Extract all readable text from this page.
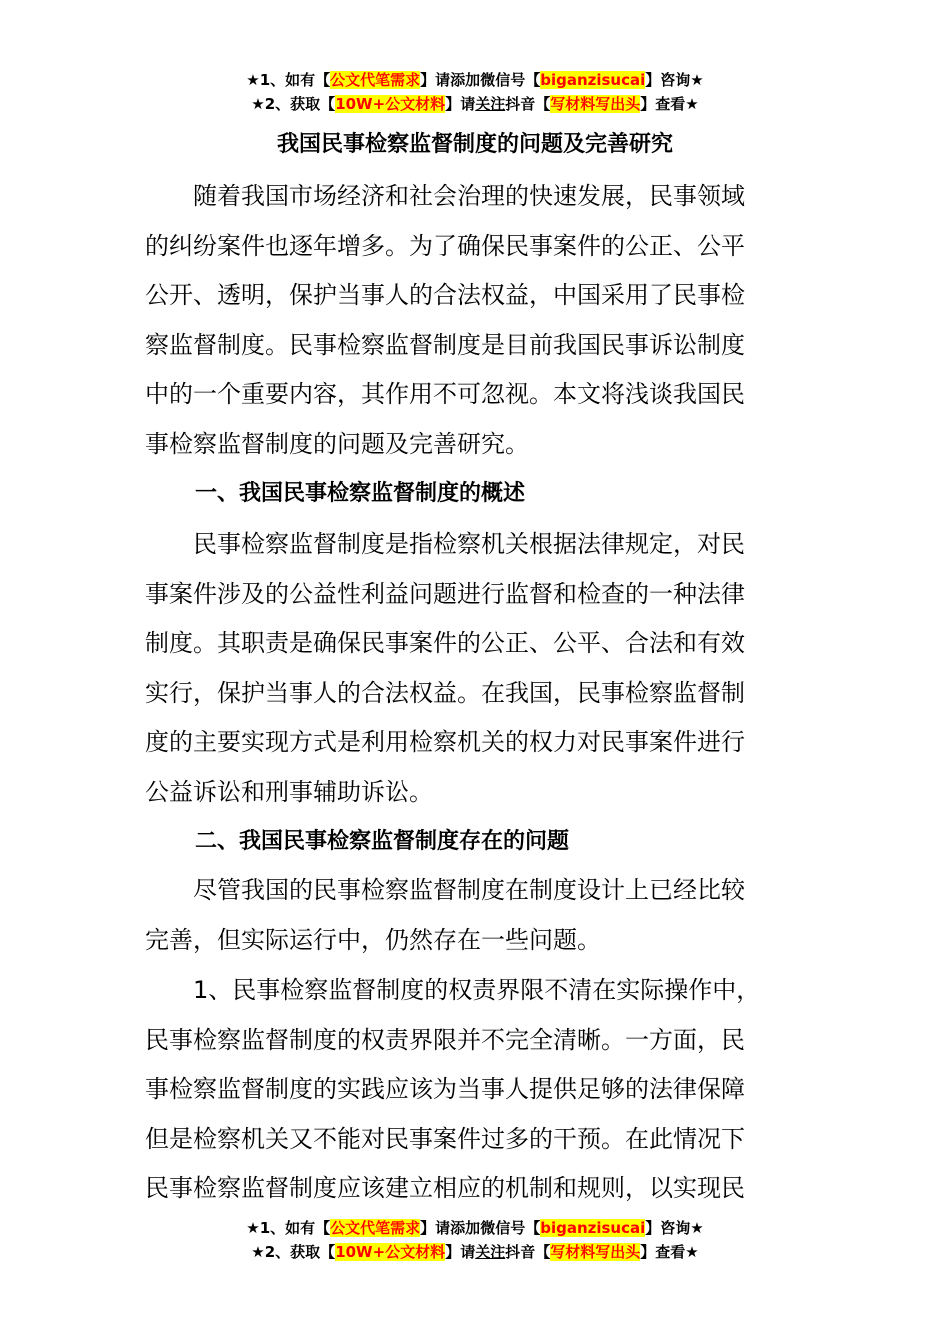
★1、如有【公文代笔需求】请添加微信号【biganzisucai】咨询★
★2、获取【10W+公文材料】请关注抖音【写材料写出头】查看★
我国民事检察监督制度的问题及完善研究
随着我国市场经济和社会治理的快速发展，民事领域
的纠纷案件也逐年增多。为了确保民事案件的公正、公平
公开、透明，保护当事人的合法权益，中国采用了民事检
察监督制度。民事检察监督制度是目前我国民事诉讼制度
中的一个重要内容，其作用不可忽视。本文将浅谈我国民
事检察监督制度的问题及完善研究。
一、我国民事检察监督制度的概述
民事检察监督制度是指检察机关根据法律规定，对民
事案件涉及的公益性利益问题进行监督和检查的一种法律
制度。其职责是确保民事案件的公正、公平、合法和有效
实行，保护当事人的合法权益。在我国，民事检察监督制
度的主要实现方式是利用检察机关的权力对民事案件进行
公益诉讼和刑事辅助诉讼。
二、我国民事检察监督制度存在的问题
尽管我国的民事检察监督制度在制度设计上已经比较
完善，但实际运行中，仍然存在一些问题。
1、民事检察监督制度的权责界限不清在实际操作中，
民事检察监督制度的权责界限并不完全清晰。一方面，民
事检察监督制度的实践应该为当事人提供足够的法律保障
但是检察机关又不能对民事案件过多的干预。在此情况下
民事检察监督制度应该建立相应的机制和规则，以实现民
★1、如有【公文代笔需求】请添加微信号【biganzisucai】咨询★
★2、获取【10W+公文材料】请关注抖音【写材料写出头】查看★
